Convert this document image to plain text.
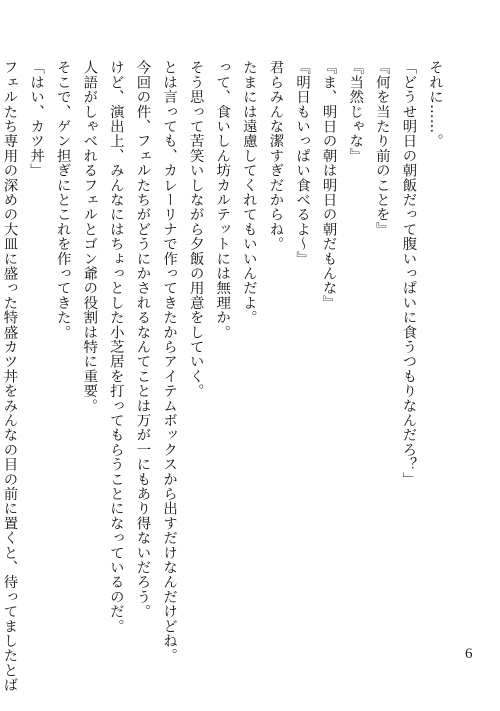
それに……。
「どうせ明日の朝飯だって腹いっぱいに食うつもりなんだろ？」
『何を当たり前のことを』
『当然じゃな』
『ま、明日の朝は明日の朝だもんな』
『明日もいっぱい食べるよ～』
君らみんな潔すぎだからね。
たまには遠慮してくれてもいいんだよ。
って、食いしん坊カルテットには無理か。
そう思って苦笑いしながら夕飯の用意をしていく。
とは言っても、カレーリナで作ってきたからアイテムボックスから出すだけなんだけどね。
今回の件、フェルたちがどうにかされるなんてことは万が一にもあり得ないだろう。
けど、演出上、みんなにはちょっとした小芝居を打ってもらうことになっているのだ。
人語がしゃべれるフェルとゴン爺の役割は特に重要。
そこで、ゲン担ぎにとこれを作ってきた。
「はい、カツ丼」
フェルたち専用の深めの大皿に盛った特盛カツ丼をみんなの目の前に置くと、待ってましたとば	6
